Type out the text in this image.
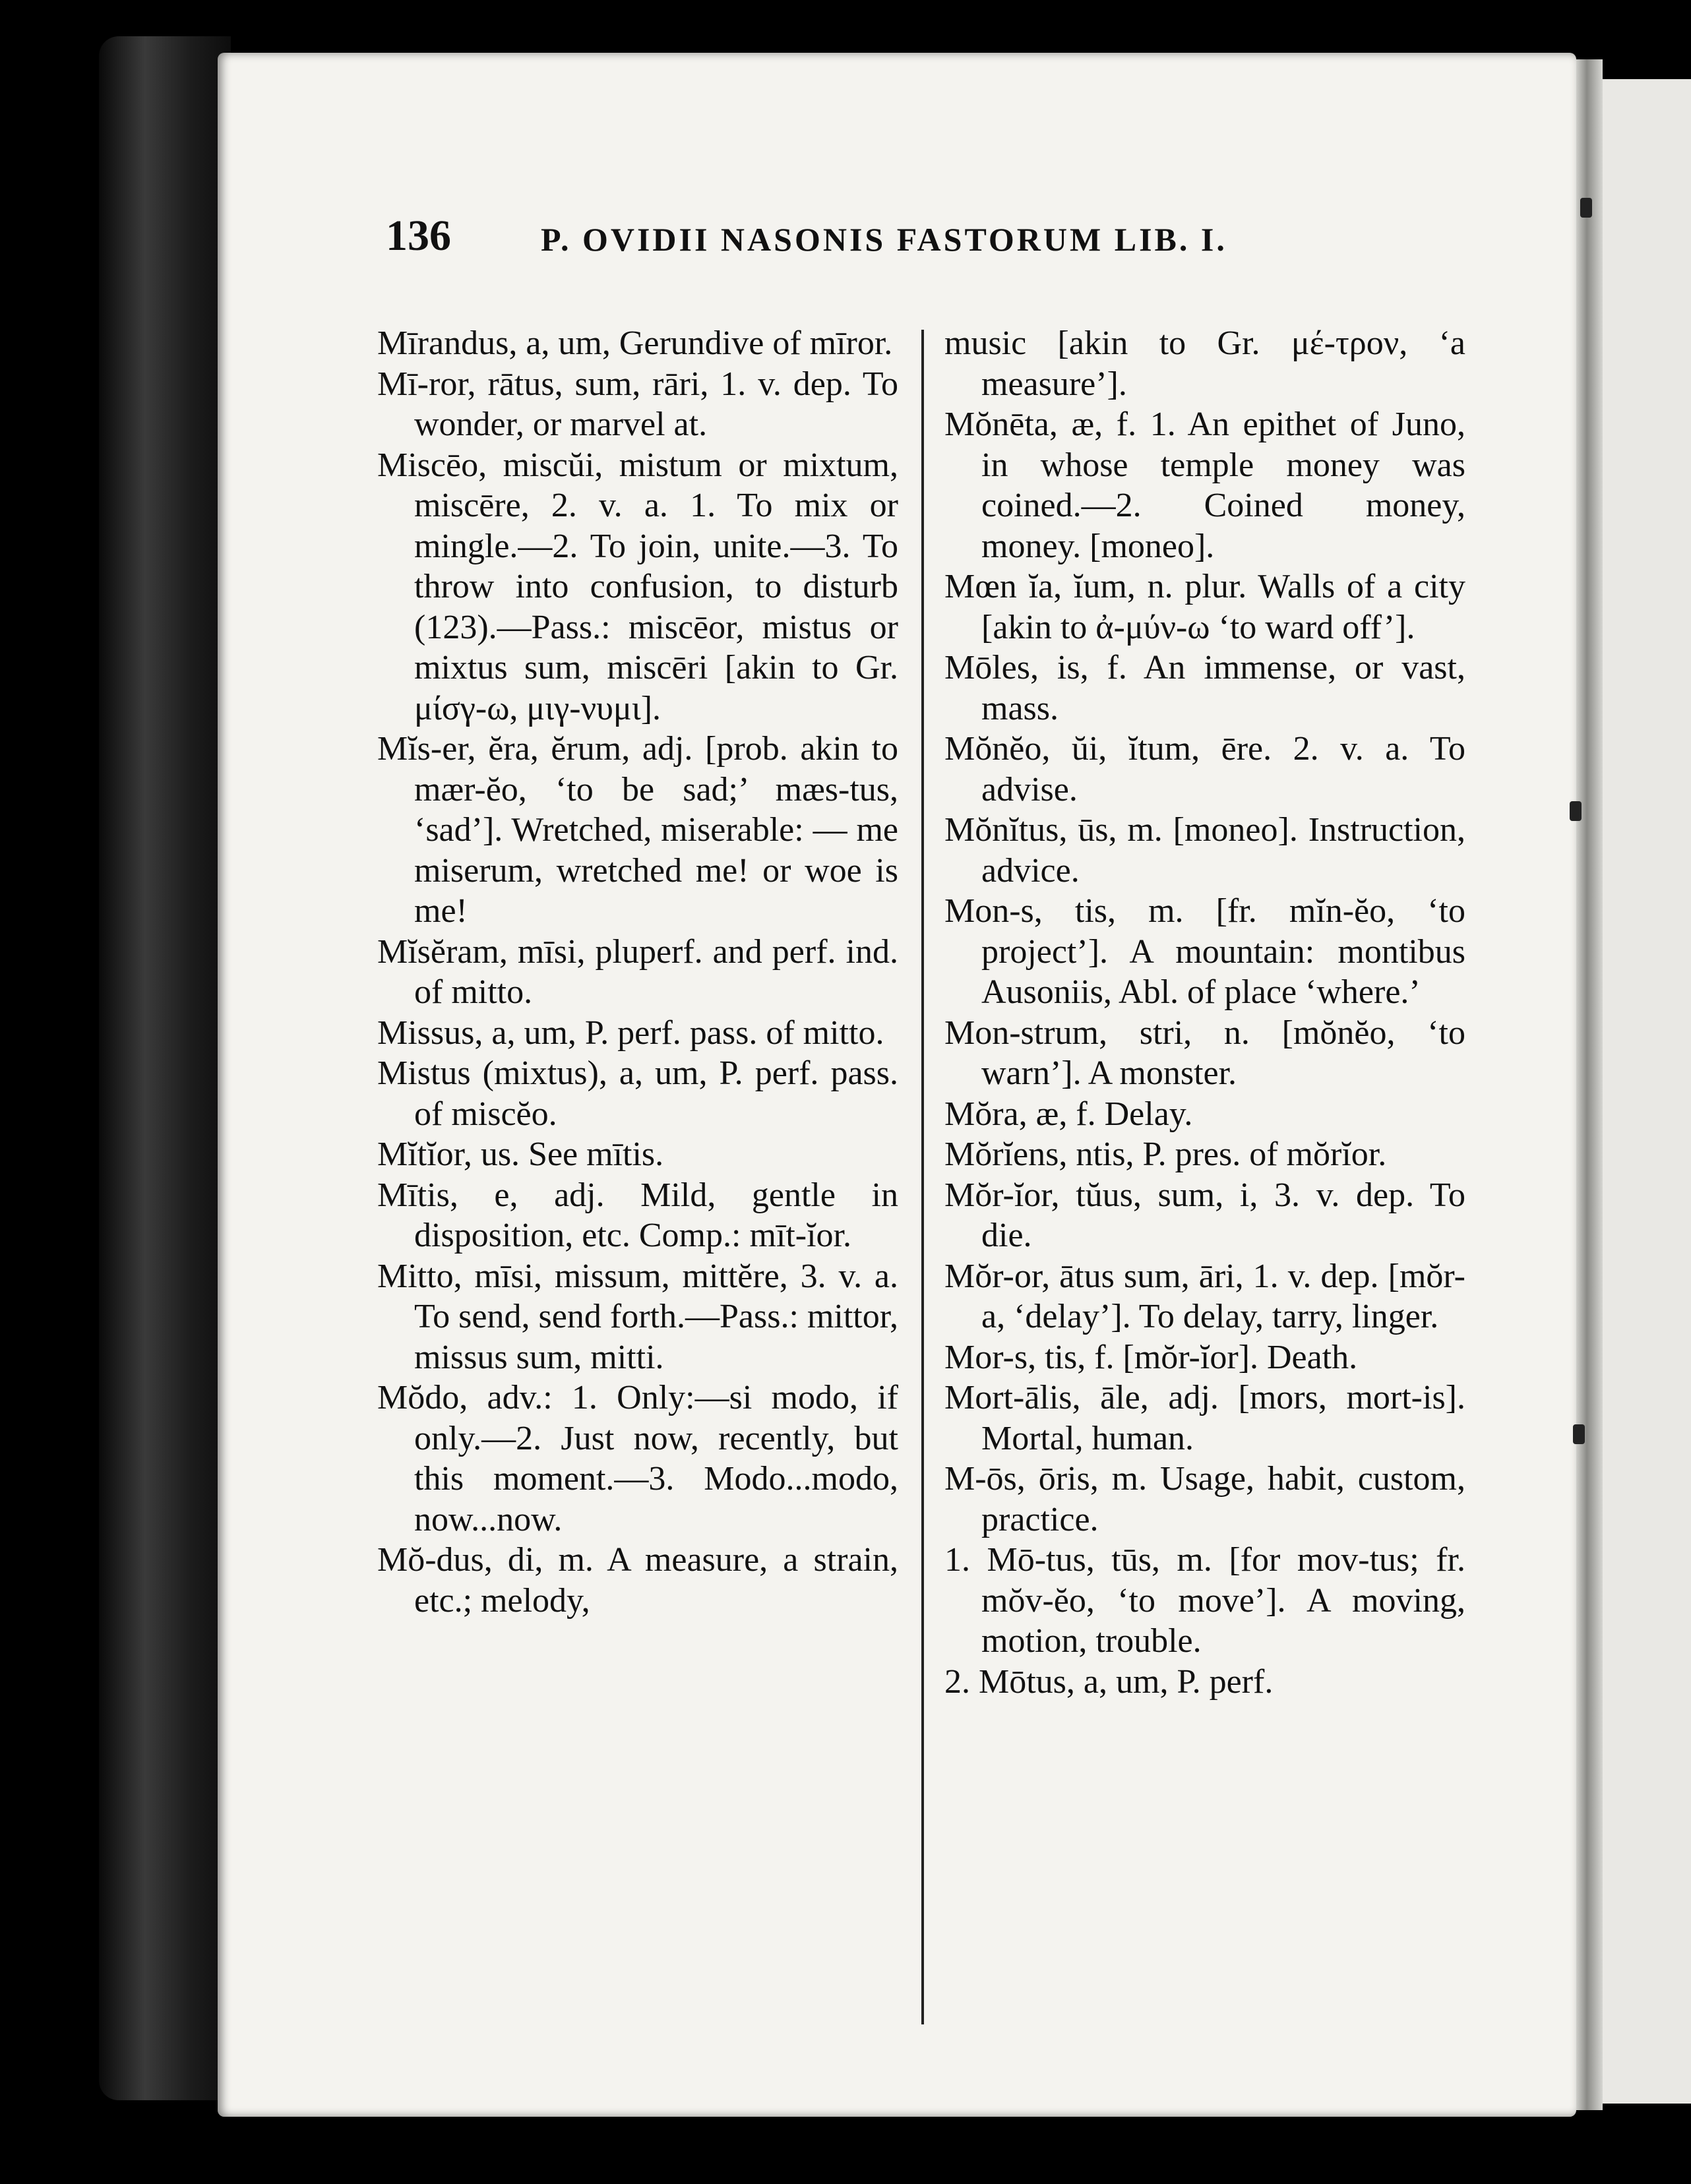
136	P. OVIDII NASONIS FASTORUM LIB. I.

Mīrandus, a, um, Gerundive of mīror.

Mī-ror, rātus, sum, rāri, 1. v. dep. To wonder, or marvel at.

Miscēo, miscŭi, mistum or mixtum, miscēre, 2. v. a. 1. To mix or mingle.—2. To join, unite.—3. To throw into confusion, to disturb (123).—Pass.: miscēor, mistus or mixtus sum, miscēri [akin to Gr. μίσγ-ω, μιγ-νυμι].

Mĭs-er, ĕra, ĕrum, adj. [prob. akin to mær-ĕo, ‘to be sad;’ mæs-tus, ‘sad’]. Wretched, miserable: — me miserum, wretched me! or woe is me!

Mĭsĕram, mīsi, pluperf. and perf. ind. of mitto.

Missus, a, um, P. perf. pass. of mitto.

Mistus (mixtus), a, um, P. perf. pass. of miscĕo.

Mĭtĭor, us. See mītis.

Mītis, e, adj. Mild, gentle in disposition, etc. Comp.: mīt-ĭor.

Mitto, mīsi, missum, mittĕre, 3. v. a. To send, send forth.—Pass.: mittor, missus sum, mitti.

Mŏdo, adv.: 1. Only:—si modo, if only.—2. Just now, recently, but this moment.—3. Modo...modo, now...now.

Mŏ-dus, di, m. A measure, a strain, etc.; melody,

music [akin to Gr. μέ-τρον, ‘a measure’].

Mŏnēta, æ, f. 1. An epithet of Juno, in whose temple money was coined.—2. Coined money, money. [moneo].

Mœn ĭa, ĭum, n. plur. Walls of a city [akin to ἀ-μύν-ω ‘to ward off’].

Mōles, is, f. An immense, or vast, mass.

Mŏnĕo, ŭi, ĭtum, ēre. 2. v. a. To advise.

Mŏnĭtus, ūs, m. [moneo]. Instruction, advice.

Mon-s, tis, m. [fr. mĭn-ĕo, ‘to project’]. A mountain: montibus Ausoniis, Abl. of place ‘where.’

Mon-strum, stri, n. [mŏnĕo, ‘to warn’]. A monster.

Mŏra, æ, f. Delay.

Mŏrĭens, ntis, P. pres. of mŏrĭor.

Mŏr-ĭor, tŭus, sum, i, 3. v. dep. To die.

Mŏr-or, ātus sum, āri, 1. v. dep. [mŏr-a, ‘delay’]. To delay, tarry, linger.

Mor-s, tis, f. [mŏr-ĭor]. Death.

Mort-ālis, āle, adj. [mors, mort-is]. Mortal, human.

M-ōs, ōris, m. Usage, habit, custom, practice.

1. Mō-tus, tūs, m. [for mov-tus; fr. mŏv-ĕo, ‘to move’]. A moving, motion, trouble.

2. Mōtus, a, um, P. perf.
